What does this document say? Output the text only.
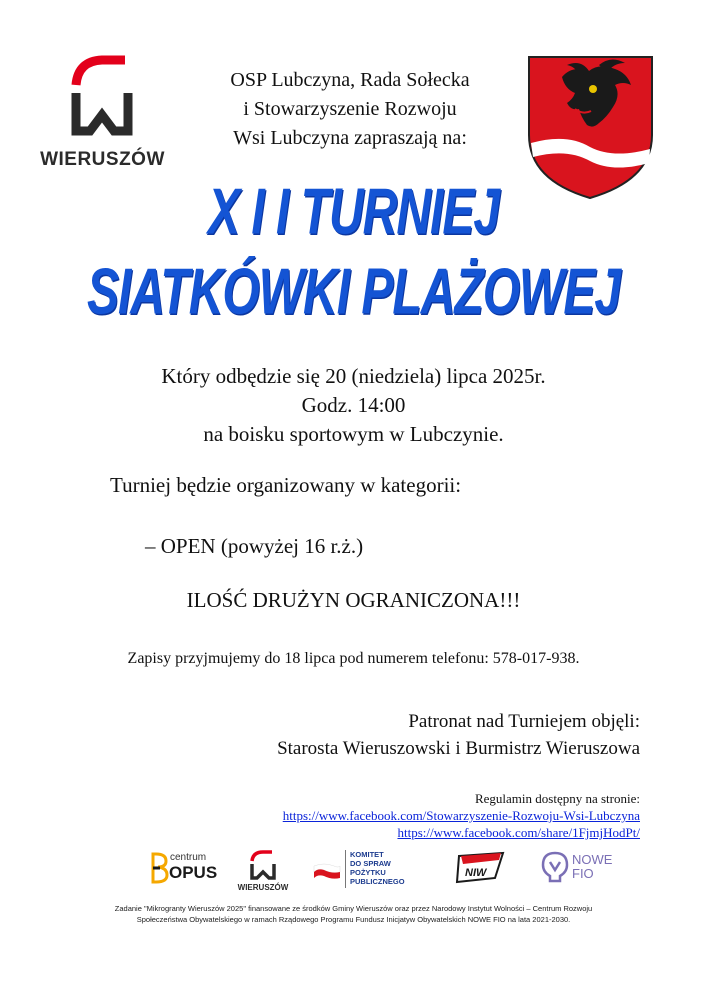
WIERUSZÓW
OSP Lubczyna, Rada Sołecka
i Stowarzyszenie Rozwoju
Wsi Lubczyna zapraszają na:
X I I TURNIEJ
SIATKÓWKI PLAŻOWEJ
Który odbędzie się 20 (niedziela) lipca 2025r.
Godz. 14:00
na boisku sportowym w Lubczynie.
Turniej będzie organizowany w kategorii:
– OPEN (powyżej 16 r.ż.)
ILOŚĆ DRUŻYN OGRANICZONA!!!
Zapisy przyjmujemy do 18 lipca pod numerem telefonu: 578-017-938.
Patronat nad Turniejem objęli:
Starosta Wieruszowski i Burmistrz Wieruszowa
Regulamin dostępny na stronie:
https://www.facebook.com/Stowarzyszenie-Rozwoju-Wsi-Lubczyna
https://www.facebook.com/share/1FjmjHodPt/
centrum
OPUS
WIERUSZÓW
KOMITET
DO SPRAW
POŻYTKU
PUBLICZNEGO
NIW
NOWE
FIO
Zadanie "Mikrogranty Wieruszów 2025" finansowane ze środków Gminy Wieruszów oraz przez Narodowy Instytut Wolności – Centrum Rozwoju
Społeczeństwa Obywatelskiego w ramach Rządowego Programu Fundusz Inicjatyw Obywatelskich NOWE FIO na lata 2021-2030.
